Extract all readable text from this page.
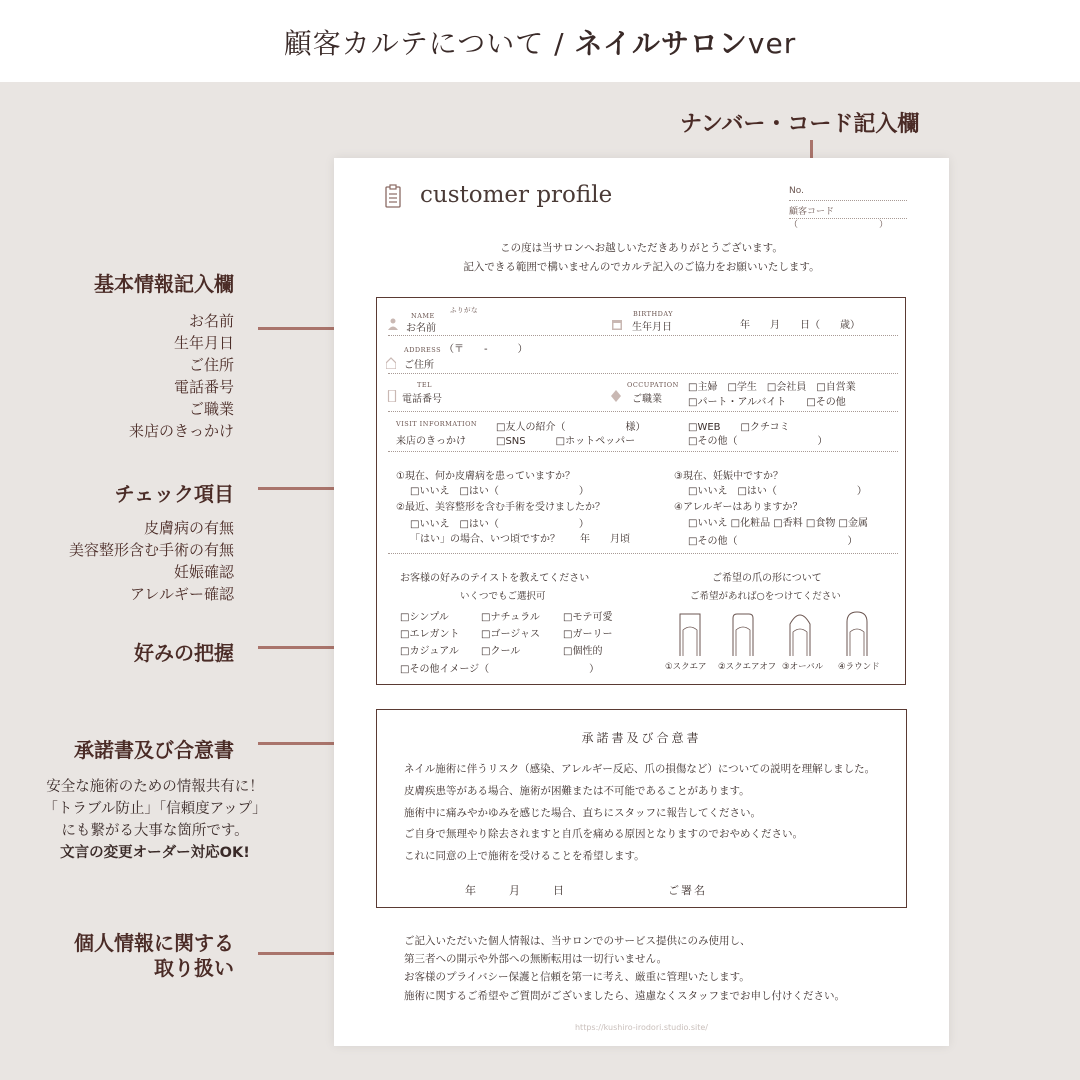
顧客カルテについて / ネイルサロンver
ナンバー・コード記入欄
基本情報記入欄
お名前
生年月日
ご住所
電話番号
ご職業
来店のきっかけ
チェック項目
皮膚病の有無
美容整形含む手術の有無
妊娠確認
アレルギー確認
好みの把握
承諾書及び合意書
安全な施術のための情報共有に！
「トラブル防止」「信頼度アップ」
にも繋がる大事な箇所です。
文言の変更オーダー対応OK!
個人情報に関する
取り扱い
customer profile	No.
顧客コード（　　　　　　　　　）
この度は当サロンへお越しいただきありがとうございます。
記入できる範囲で構いませんのでカルテ記入のご協力をお願いいたします。
NAME
ふりがな
お名前
BIRTHDAY
生年月日	年　　月　　日（　　歳）
ADDRESS （〒　　-　　　）
ご住所
TEL
電話番号
OCCUPATION
ご職業
□主婦　□学生　□会社員　□自営業
□パート・アルバイト　　□その他
VISIT INFORMATION
来店のきっかけ
□友人の紹介（　　　　　　様）	□WEB　　□クチコミ
□SNS　　　□ホットペッパー	□その他（　　　　　　　　）
①現在、何か皮膚病を患っていますか？
□いいえ　□はい（　　　　　　　　）
②最近、美容整形を含む手術を受けましたか？
□いいえ　□はい（　　　　　　　　）
「はい」の場合、いつ頃ですか？　　年　　月頃
③現在、妊娠中ですか？
□いいえ　□はい（　　　　　　　　）
④アレルギーはありますか？
□いいえ □化粧品 □香料 □食物 □金属
□その他（　　　　　　　　　　　）
お客様の好みのテイストを教えてください
いくつでもご選択可
□シンプル	□ナチュラル □モテ可愛
□エレガント □ゴージャス □ガーリー
□カジュアル □クール	□個性的
□その他イメージ（　　　　　　　　　　）
ご希望の爪の形について
ご希望があれば○をつけてください
①スクエア ②スクエアオフ ③オーバル ④ラウンド
承諾書及び合意書
ネイル施術に伴うリスク（感染、アレルギー反応、爪の損傷など）についての説明を理解しました。
皮膚疾患等がある場合、施術が困難または不可能であることがあります。
施術中に痛みやかゆみを感じた場合、直ちにスタッフに報告してください。
ご自身で無理やり除去されますと自爪を痛める原因となりますのでおやめください。
これに同意の上で施術を受けることを希望します。
年　　　月　　　日	ご署名
ご記入いただいた個人情報は、当サロンでのサービス提供にのみ使用し、
第三者への開示や外部への無断転用は一切行いません。
お客様のプライバシー保護と信頼を第一に考え、厳重に管理いたします。
施術に関するご希望やご質問がございましたら、遠慮なくスタッフまでお申し付けください。
https://kushiro-irodori.studio.site/
